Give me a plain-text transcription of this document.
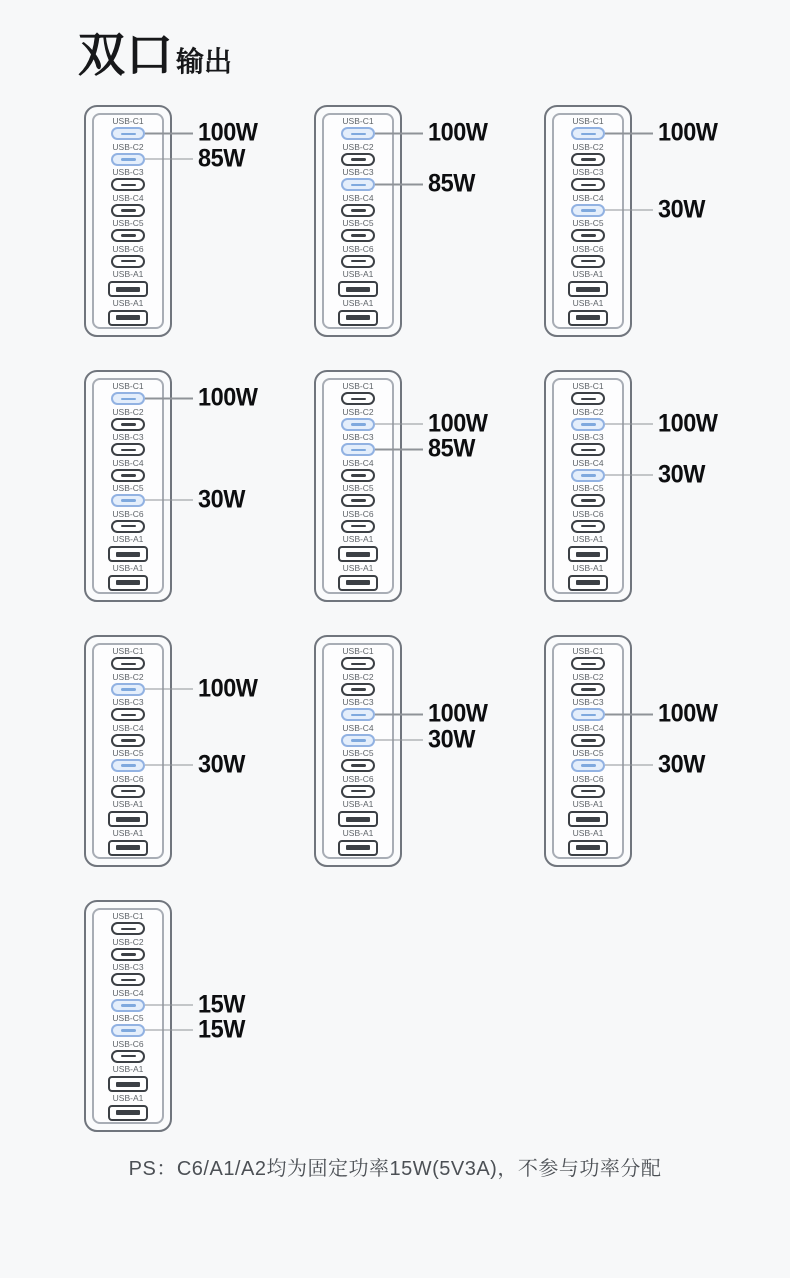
双口输出
USB-C1 100W
USB-C2 85W
USB-C3
USB-C4
USB-C5
USB-C6
USB-A1
USB-A1
USB-C1 100W
USB-C2
USB-C3 85W
USB-C4
USB-C5
USB-C6
USB-A1
USB-A1
USB-C1 100W
USB-C2
USB-C3
USB-C4 30W
USB-C5
USB-C6
USB-A1
USB-A1
USB-C1 100W
USB-C2
USB-C3
USB-C4
USB-C5 30W
USB-C6
USB-A1
USB-A1
USB-C1
USB-C2 100W
USB-C3 85W
USB-C4
USB-C5
USB-C6
USB-A1
USB-A1
USB-C1
USB-C2 100W
USB-C3
USB-C4 30W
USB-C5
USB-C6
USB-A1
USB-A1
USB-C1
USB-C2 100W
USB-C3
USB-C4
USB-C5 30W
USB-C6
USB-A1
USB-A1
USB-C1
USB-C2
USB-C3 100W
USB-C4 30W
USB-C5
USB-C6
USB-A1
USB-A1
USB-C1
USB-C2
USB-C3 100W
USB-C4
USB-C5 30W
USB-C6
USB-A1
USB-A1
USB-C1
USB-C2
USB-C3
USB-C4 15W
USB-C5 15W
USB-C6
USB-A1
USB-A1
PS：C6/A1/A2均为固定功率15W(5V3A)，不参与功率分配
